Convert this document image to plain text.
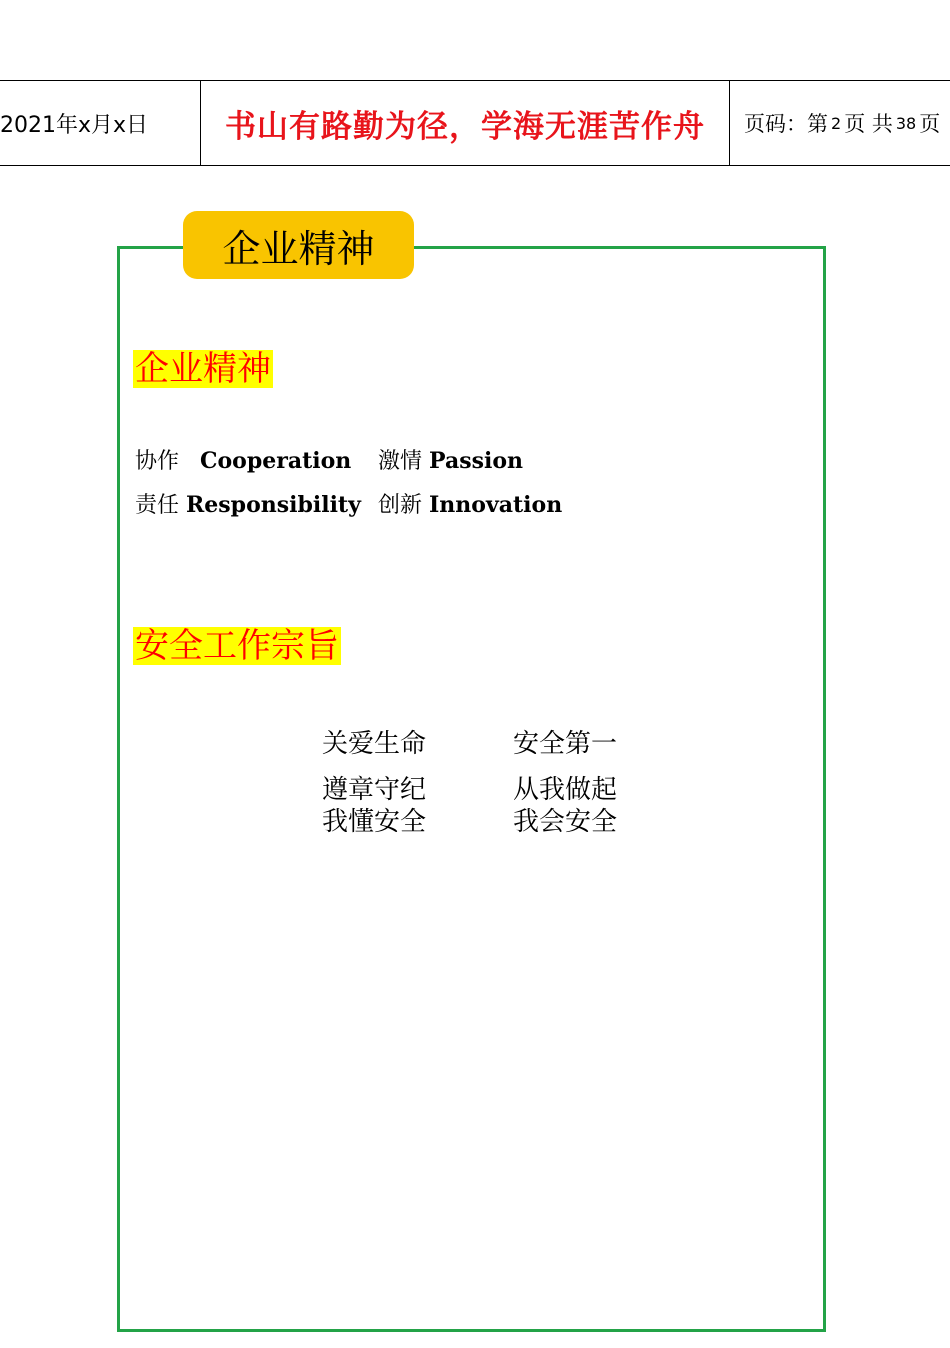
2021年x月x日 书山有路勤为径，学海无涯苦作舟 页码：第 2 页 共 38 页
企业精神
企业精神
协作 Cooperation 激情 Passion
责任 Responsibility 创新 Innovation
安全工作宗旨
关爱生命	安全第一
遵章守纪	从我做起
我懂安全	我会安全
